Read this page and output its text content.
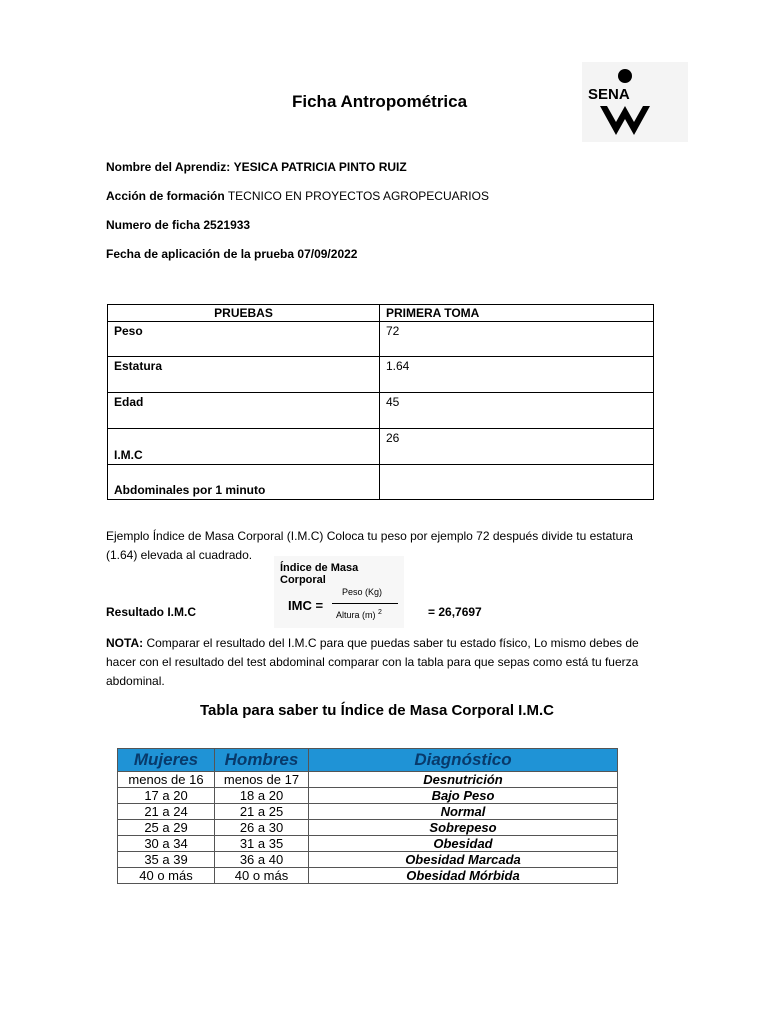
Ficha Antropométrica	SENA
Nombre del Aprendiz: YESICA PATRICIA PINTO RUIZ
Acción de formación TECNICO EN PROYECTOS AGROPECUARIOS
Numero de ficha 2521933
Fecha de aplicación de la prueba 07/09/2022
PRUEBAS	PRIMERA TOMA
Peso	72
Estatura	1.64
Edad	45
I.M.C	26
Abdominales por 1 minuto	
Ejemplo Índice de Masa Corporal (I.M.C) Coloca tu peso por ejemplo 72 después divide tu estatura (1.64) elevada al cuadrado.
Índice de Masa Corporal
IMC =
Peso (Kg)
Altura (m) $^2$
Resultado I.M.C	= 26,7697
NOTA: Comparar el resultado del I.M.C para que puedas saber tu estado físico, Lo mismo debes de hacer con el resultado del test abdominal comparar con la tabla para que sepas como está tu fuerza abdominal.
Tabla para saber tu Índice de Masa Corporal I.M.C
Mujeres	Hombres	Diagnóstico
menos de 16	menos de 17	Desnutrición
17 a 20	18 a 20	Bajo Peso
21 a 24	21 a 25	Normal
25 a 29	26 a 30	Sobrepeso
30 a 34	31 a 35	Obesidad
35 a 39	36 a 40	Obesidad Marcada
40 o más	40 o más	Obesidad Mórbida
